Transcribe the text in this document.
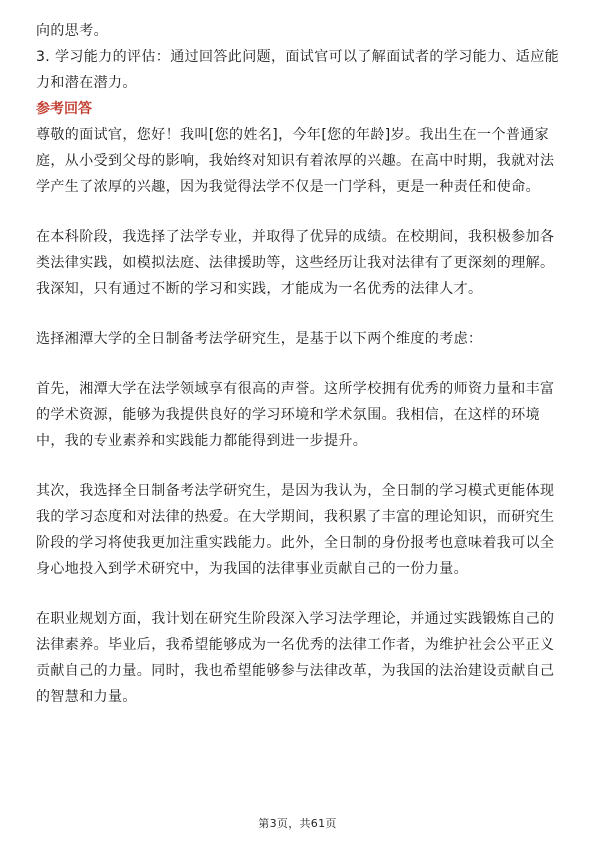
向的思考。
3. 学习能力的评估：通过回答此问题，面试官可以了解面试者的学习能力、适应能
力和潜在潜力。
参考回答
尊敬的面试官，您好！我叫[您的姓名]，今年[您的年龄]岁。我出生在一个普通家
庭，从小受到父母的影响，我始终对知识有着浓厚的兴趣。在高中时期，我就对法
学产生了浓厚的兴趣，因为我觉得法学不仅是一门学科，更是一种责任和使命。
在本科阶段，我选择了法学专业，并取得了优异的成绩。在校期间，我积极参加各
类法律实践，如模拟法庭、法律援助等，这些经历让我对法律有了更深刻的理解。
我深知，只有通过不断的学习和实践，才能成为一名优秀的法律人才。
选择湘潭大学的全日制备考法学研究生，是基于以下两个维度的考虑：
首先，湘潭大学在法学领域享有很高的声誉。这所学校拥有优秀的师资力量和丰富
的学术资源，能够为我提供良好的学习环境和学术氛围。我相信，在这样的环境
中，我的专业素养和实践能力都能得到进一步提升。
其次，我选择全日制备考法学研究生，是因为我认为，全日制的学习模式更能体现
我的学习态度和对法律的热爱。在大学期间，我积累了丰富的理论知识，而研究生
阶段的学习将使我更加注重实践能力。此外，全日制的身份报考也意味着我可以全
身心地投入到学术研究中，为我国的法律事业贡献自己的一份力量。
在职业规划方面，我计划在研究生阶段深入学习法学理论，并通过实践锻炼自己的
法律素养。毕业后，我希望能够成为一名优秀的法律工作者，为维护社会公平正义
贡献自己的力量。同时，我也希望能够参与法律改革，为我国的法治建设贡献自己
的智慧和力量。
第3页，共61页
